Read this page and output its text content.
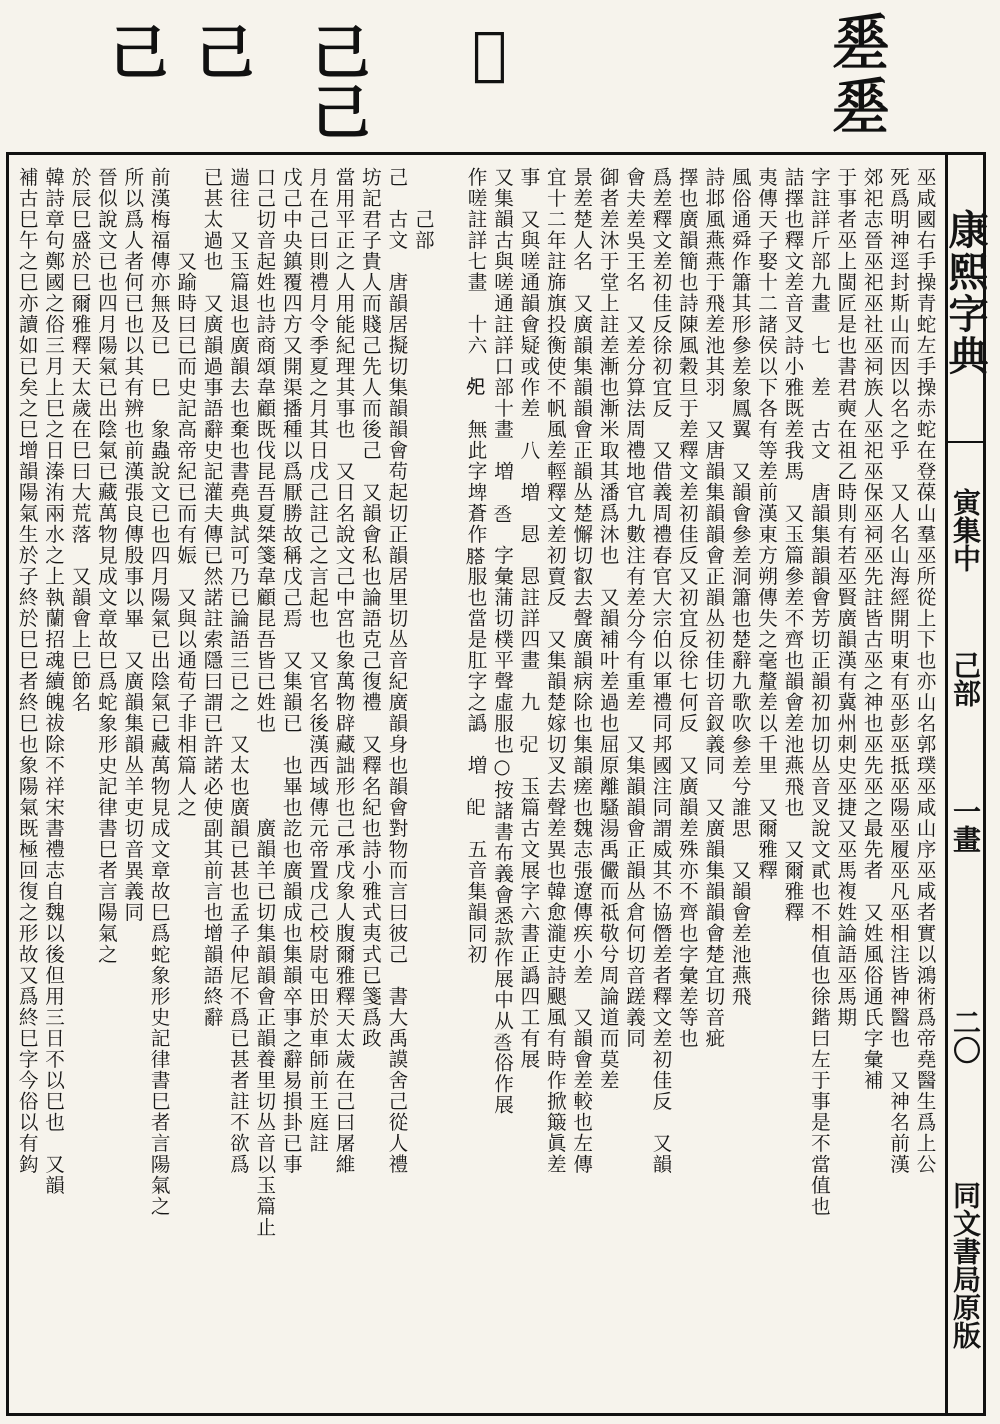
𢀩
𢀩
𢀨
己
己
己
己
巫咸國右手操青蛇左手操赤蛇在登葆山羣巫所從上下也亦山名郭璞巫咸山序巫咸者實以鴻術爲帝堯醫生爲上公
死爲明神逕封斯山而因以名之乎　又人名山海經開明東有巫彭巫抵巫陽巫履巫凡巫相注皆神醫也　又神名前漢
郊祀志晉巫祀巫社巫祠族人巫祀巫保巫祠巫先註皆古巫之神也巫先巫之最先者　又姓風俗通氏字彙補
于事者巫上閩匠是也書君奭在祖乙時則有若巫賢廣韻漢有冀州刺史巫捷又巫馬複姓論語巫馬期
字註詳斤部九畫　七　差　古文　唐韻集韻韻會芳切正韻初加切丛音叉說文貳也不相值也徐鍇曰左于事是不當值也
詰擇也釋文差音叉詩小雅既差我馬　又玉篇參差不齊也韻會差池燕飛也　又爾雅釋
夷傳天子娶十二諸侯以下各有等差前漢東方朔傳失之毫釐差以千里　又爾雅釋
風俗通舜作簫其形參差象鳳翼　又韻會參差洞簫也楚辭九歌吹參差兮誰思　又韻會差池燕飛
詩邶風燕燕于飛差池其羽　又唐韻集韻韻會正韻丛初佳切音釵義同　又廣韻集韻韻會楚宜切音疵
擇也廣韻簡也詩陳風穀旦于差釋文差初佳反又初宜反徐七何反　又廣韻差殊亦不齊也字彙差等也
爲差釋文差初佳反徐初宜反　又借義周禮春官大宗伯以軍禮同邦國注同謂威其不協僭差者釋文差初佳反　又韻
會夫差吳王名　又差分算法周禮地官九數注有差分今有重差　又集韻韻會正韻丛倉何切音蹉義同
御者差沐于堂上註差漸也漸米取其潘爲沐也　又韻補叶差過也屈原離騷湯禹儼而祗敬兮周論道而莫差
景差楚人名　又廣韻集韻韻會正韻丛楚懈切叡去聲廣韻病除也集韻瘥也魏志張遼傳疾小差　又韻會差較也左傳
宜十二年註旆旗投衡使不帆風差輕釋文差初賣反　又集韻楚嫁切叉去聲差異也韓愈瀧吏詩颶風有時作掀簸眞差
事　又與嗟通韻會疑或作差　八　増　㤙　㤙註詳四畫　九　𢀶　玉篇古文展字六書正譌四工有展
又集韻古與嗟通註詳口部十畫　増　𢀷　字彙蒲切樸平聲虛服也○按諸書布義會悉款作展中从𢀷俗作展
作嗟註詳七畫　十六　𢀸　無此字埤蒼作𦞂服也當是肛字之譌　増　𢀹　五音集韻同初
　　己部
己　古文　唐韻居擬切集韻韻會苟起切正韻居里切丛音紀廣韻身也韻會對物而言曰彼己　書大禹謨舍己從人禮
坊記君子貴人而賤己先人而後己　又韻會私也論語克己復禮　又釋名紀也詩小雅式夷式已箋爲政
當用平正之人用能紀理其事也　又日名說文己中宮也象萬物辟藏詘形也己承戊象人腹爾雅釋天太歲在己曰屠維
月在己曰則禮月令季夏之月其日戊己註己之言起也　又官名後漢西域傳元帝置戊己校尉屯田於車師前王庭註
戊己中央鎮覆四方又開渠播種以爲厭勝故稱戊己焉　又集韻已　也畢也訖也廣韻成也集韻卒事之辭易損卦已事
口己切音起姓也詩商頌韋顧既伐昆吾夏桀箋韋顧昆吾皆已姓也　　　　廣韻羊已切集韻韻會正韻養里切丛音以玉篇止
遄往　又玉篇退也廣韻去也棄也書堯典試可乃已論語三已之　又太也廣韻已甚也孟子仲尼不爲已甚者註不欲爲
已甚太過也　又廣韻過事語辭史記灌夫傳已然諾註索隱曰謂已許諾必使副其前言也增韻語終辭
　　　　又踰時曰已而史記高帝紀已而有娠　又與以通荀子非相篇人之
前漢梅福傳亦無及已　巳　象蟲說文已也四月陽氣已出陰氣已藏萬物見成文章故巳爲蛇象形史記律書巳者言陽氣之
所以爲人者何已也以其有辨也前漢張良傳殷事以畢　又廣韻集韻丛羊吏切音異義同
晉似說文已也四月陽氣已出陰氣已藏萬物見成文章故巳爲蛇象形史記律書巳者言陽氣之
於辰巳盛於巳爾雅釋天太歲在巳曰大荒落　又韻會上巳節名
韓詩章句鄭國之俗三月上巳之日溱洧兩水之上執蘭招魂續魄祓除不祥宋書禮志自魏以後但用三日不以巳也　又韻
補古巳午之巳亦讀如已矣之巳增韻陽氣生於子終於巳巳者終巳也象陽氣既極回復之形故又爲終巳字今俗以有鈎	康熙字典
寅集中
己部
一畫
二〇
同文書局原版
